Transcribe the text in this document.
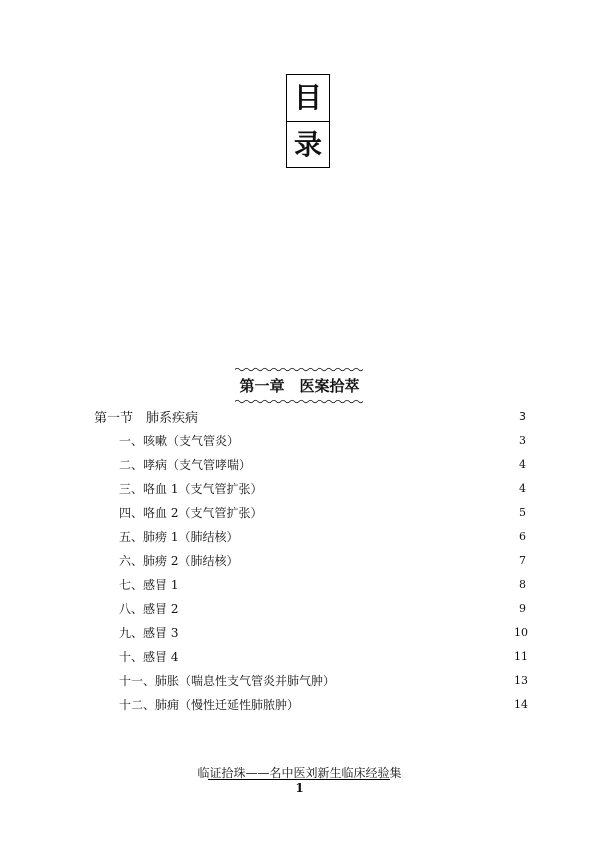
目
录
第一章　医案拾萃
第一节　肺系疾病	3
一、咳嗽（支气管炎）	3
二、哮病（支气管哮喘）	4
三、咯血 1（支气管扩张）	4
四、咯血 2（支气管扩张）	5
五、肺痨 1（肺结核）	6
六、肺痨 2（肺结核）	7
七、感冒 1	8
八、感冒 2	9
九、感冒 3	10
十、感冒 4	11
十一、肺胀（喘息性支气管炎并肺气肿）	13
十二、肺痈（慢性迁延性肺脓肿）	14
临证拾珠——名中医刘新生临床经验集
1
